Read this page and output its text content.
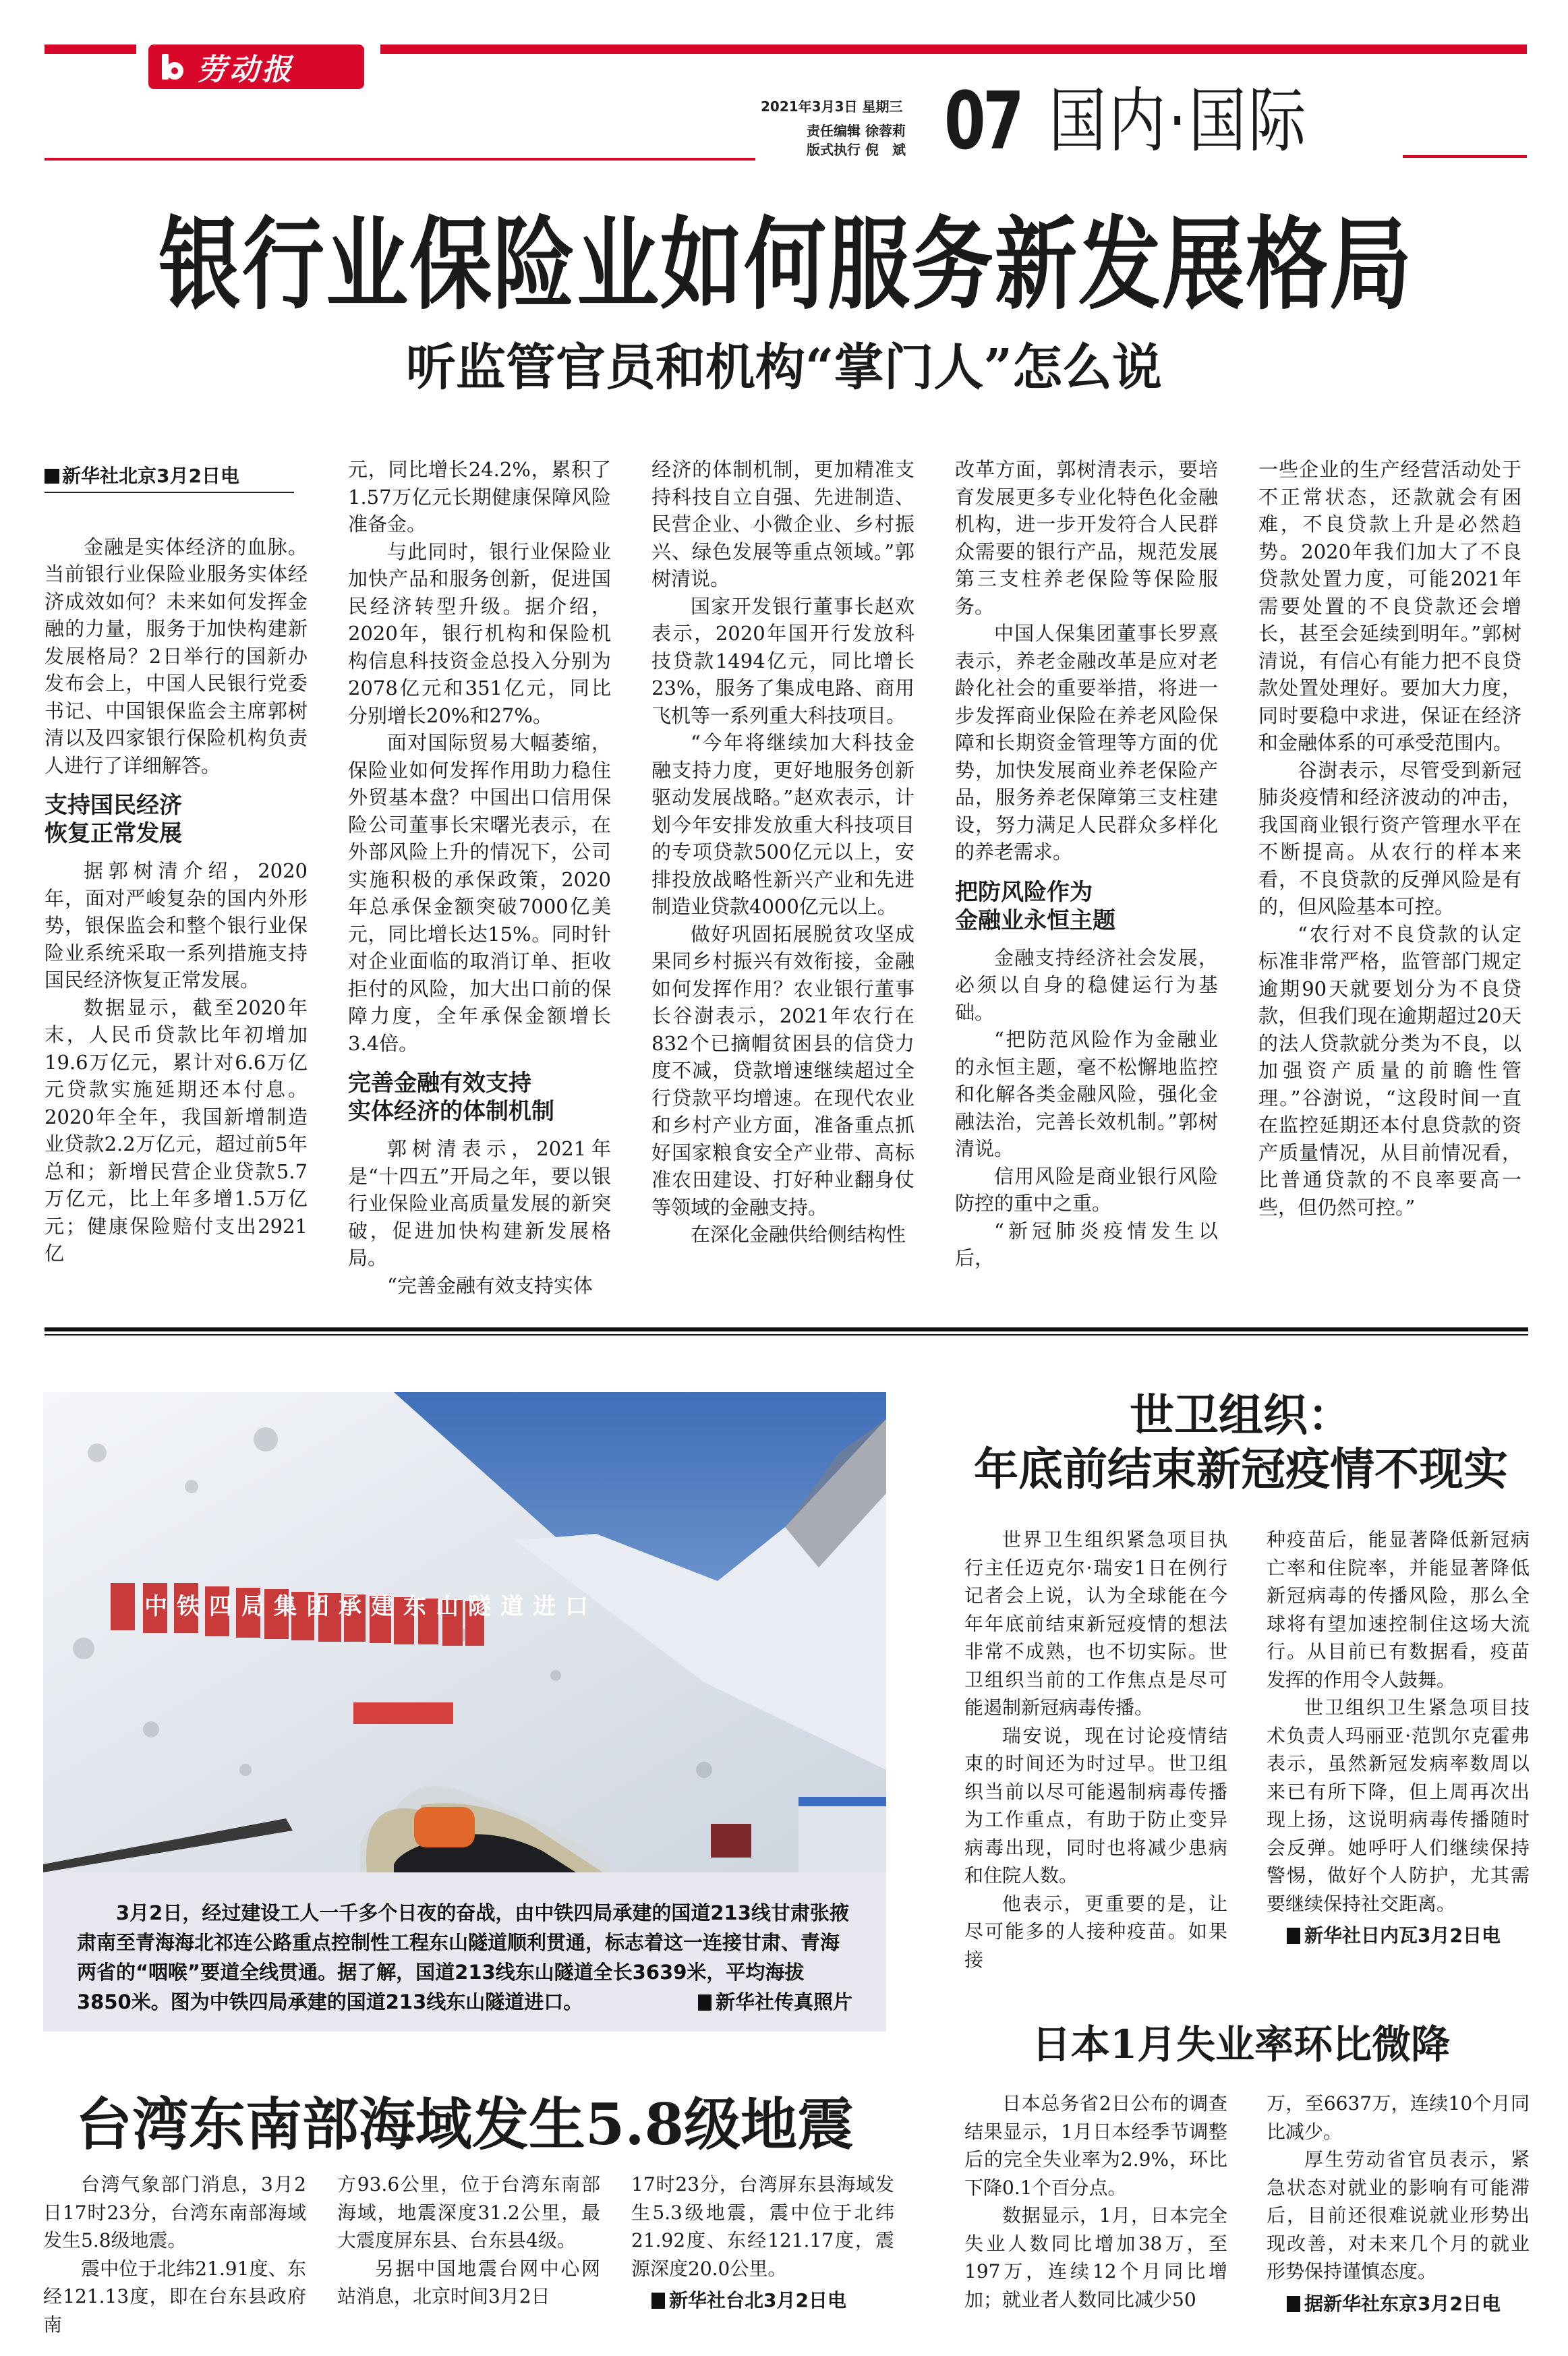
劳动报
2021年3月3日 星期三
责任编辑 徐蓉莉
版式执行 倪　斌 07 国内·国际
银行业保险业如何服务新发展格局
听监管官员和机构“掌门人”怎么说
新华社北京3月2日电

金融是实体经济的血脉。当前银行业保险业服务实体经济成效如何？未来如何发挥金融的力量，服务于加快构建新发展格局？2日举行的国新办发布会上，中国人民银行党委书记、中国银保监会主席郭树清以及四家银行保险机构负责人进行了详细解答。

支持国民经济
恢复正常发展

据郭树清介绍，2020年，面对严峻复杂的国内外形势，银保监会和整个银行业保险业系统采取一系列措施支持国民经济恢复正常发展。

数据显示，截至2020年末，人民币贷款比年初增加19.6万亿元，累计对6.6万亿元贷款实施延期还本付息。2020年全年，我国新增制造业贷款2.2万亿元，超过前5年总和；新增民营企业贷款5.7万亿元，比上年多增1.5万亿元；健康保险赔付支出2921亿

元，同比增长24.2%，累积了1.57万亿元长期健康保障风险准备金。

与此同时，银行业保险业加快产品和服务创新，促进国民经济转型升级。据介绍，2020年，银行机构和保险机构信息科技资金总投入分别为2078亿元和351亿元，同比分别增长20%和27%。

面对国际贸易大幅萎缩，保险业如何发挥作用助力稳住外贸基本盘？中国出口信用保险公司董事长宋曙光表示，在外部风险上升的情况下，公司实施积极的承保政策，2020年总承保金额突破7000亿美元，同比增长达15%。同时针对企业面临的取消订单、拒收拒付的风险，加大出口前的保障力度，全年承保金额增长3.4倍。

完善金融有效支持
实体经济的体制机制

郭树清表示，2021年是“十四五”开局之年，要以银行业保险业高质量发展的新突破，促进加快构建新发展格局。

“完善金融有效支持实体

经济的体制机制，更加精准支持科技自立自强、先进制造、民营企业、小微企业、乡村振兴、绿色发展等重点领域。”郭树清说。

国家开发银行董事长赵欢表示，2020年国开行发放科技贷款1494亿元，同比增长23%，服务了集成电路、商用飞机等一系列重大科技项目。

“今年将继续加大科技金融支持力度，更好地服务创新驱动发展战略。”赵欢表示，计划今年安排发放重大科技项目的专项贷款500亿元以上，安排投放战略性新兴产业和先进制造业贷款4000亿元以上。

做好巩固拓展脱贫攻坚成果同乡村振兴有效衔接，金融如何发挥作用？农业银行董事长谷澍表示，2021年农行在832个已摘帽贫困县的信贷力度不减，贷款增速继续超过全行贷款平均增速。在现代农业和乡村产业方面，准备重点抓好国家粮食安全产业带、高标准农田建设、打好种业翻身仗等领域的金融支持。

在深化金融供给侧结构性

改革方面，郭树清表示，要培育发展更多专业化特色化金融机构，进一步开发符合人民群众需要的银行产品，规范发展第三支柱养老保险等保险服务。

中国人保集团董事长罗熹表示，养老金融改革是应对老龄化社会的重要举措，将进一步发挥商业保险在养老风险保障和长期资金管理等方面的优势，加快发展商业养老保险产品，服务养老保障第三支柱建设，努力满足人民群众多样化的养老需求。

把防风险作为
金融业永恒主题

金融支持经济社会发展，必须以自身的稳健运行为基础。

“把防范风险作为金融业的永恒主题，毫不松懈地监控和化解各类金融风险，强化金融法治，完善长效机制。”郭树清说。

信用风险是商业银行风险防控的重中之重。

“新冠肺炎疫情发生以后，

一些企业的生产经营活动处于不正常状态，还款就会有困难，不良贷款上升是必然趋势。2020年我们加大了不良贷款处置力度，可能2021年需要处置的不良贷款还会增长，甚至会延续到明年。”郭树清说，有信心有能力把不良贷款处置处理好。要加大力度，同时要稳中求进，保证在经济和金融体系的可承受范围内。

谷澍表示，尽管受到新冠肺炎疫情和经济波动的冲击，我国商业银行资产管理水平在不断提高。从农行的样本来看，不良贷款的反弹风险是有的，但风险基本可控。

“农行对不良贷款的认定标准非常严格，监管部门规定逾期90天就要划分为不良贷款，但我们现在逾期超过20天的法人贷款就分类为不良，以加强资产质量的前瞻性管理。”谷澍说，“这段时间一直在监控延期还本付息贷款的资产质量情况，从目前情况看，比普通贷款的不良率要高一些，但仍然可控。”

中铁四局集团承建东山隧道进口
3月2日，经过建设工人一千多个日夜的奋战，由中铁四局承建的国道213线甘肃张掖肃南至青海海北祁连公路重点控制性工程东山隧道顺利贯通，标志着这一连接甘肃、青海两省的“咽喉”要道全线贯通。据了解，国道213线东山隧道全长3639米，平均海拔3850米。图为中铁四局承建的国道213线东山隧道进口。	新华社传真照片
世卫组织：
年底前结束新冠疫情不现实

世界卫生组织紧急项目执行主任迈克尔·瑞安1日在例行记者会上说，认为全球能在今年年底前结束新冠疫情的想法非常不成熟，也不切实际。世卫组织当前的工作焦点是尽可能遏制新冠病毒传播。

瑞安说，现在讨论疫情结束的时间还为时过早。世卫组织当前以尽可能遏制病毒传播为工作重点，有助于防止变异病毒出现，同时也将减少患病和住院人数。

他表示，更重要的是，让尽可能多的人接种疫苗。如果接

种疫苗后，能显著降低新冠病亡率和住院率，并能显著降低新冠病毒的传播风险，那么全球将有望加速控制住这场大流行。从目前已有数据看，疫苗发挥的作用令人鼓舞。

世卫组织卫生紧急项目技术负责人玛丽亚·范凯尔克霍弗表示，虽然新冠发病率数周以来已有所下降，但上周再次出现上扬，这说明病毒传播随时会反弹。她呼吁人们继续保持警惕，做好个人防护，尤其需要继续保持社交距离。

新华社日内瓦3月2日电
日本1月失业率环比微降

日本总务省2日公布的调查结果显示，1月日本经季节调整后的完全失业率为2.9%，环比下降0.1个百分点。

数据显示，1月，日本完全失业人数同比增加38万，至197万，连续12个月同比增加；就业者人数同比减少50

万，至6637万，连续10个月同比减少。

厚生劳动省官员表示，紧急状态对就业的影响有可能滞后，目前还很难说就业形势出现改善，对未来几个月的就业形势保持谨慎态度。

据新华社东京3月2日电
台湾东南部海域发生5.8级地震

台湾气象部门消息，3月2日17时23分，台湾东南部海域发生5.8级地震。

震中位于北纬21.91度、东经121.13度，即在台东县政府南

方93.6公里，位于台湾东南部海域，地震深度31.2公里，最大震度屏东县、台东县4级。

另据中国地震台网中心网站消息，北京时间3月2日

17时23分，台湾屏东县海域发生5.3级地震，震中位于北纬21.92度、东经121.17度，震源深度20.0公里。

新华社台北3月2日电
